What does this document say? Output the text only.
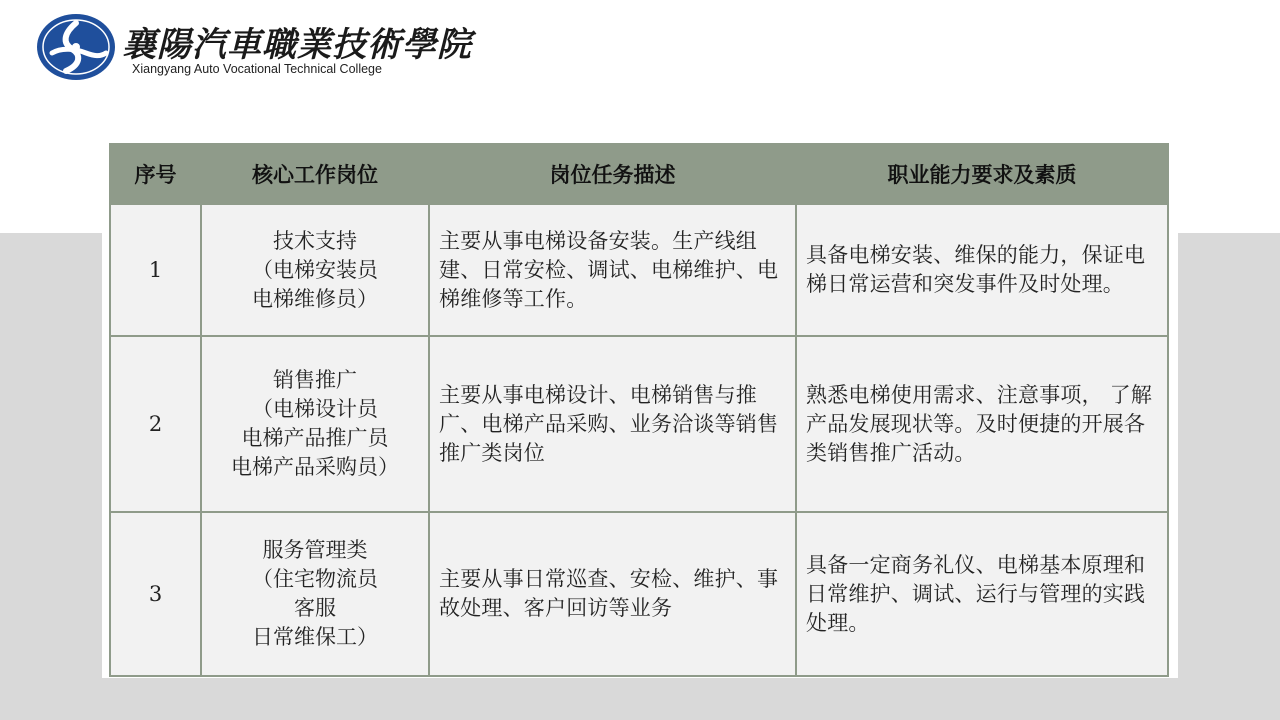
襄陽汽車職業技術學院
Xiangyang Auto Vocational Technical College
序号	核心工作岗位	岗位任务描述	职业能力要求及素质
1	技术支持
（电梯安装员
电梯维修员）	主要从事电梯设备安装。生产线组建、日常安检、调试、电梯维护、电梯维修等工作。	具备电梯安装、维保的能力，保证电梯日常运营和突发事件及时处理。
2	销售推广
（电梯设计员
电梯产品推广员
电梯产品采购员）	主要从事电梯设计、电梯销售与推广、电梯产品采购、业务洽谈等销售推广类岗位	熟悉电梯使用需求、注意事项， 了解产品发展现状等。及时便捷的开展各类销售推广活动。
3	服务管理类
（住宅物流员
客服
日常维保工）	主要从事日常巡查、安检、维护、事故处理、客户回访等业务	具备一定商务礼仪、电梯基本原理和日常维护、调试、运行与管理的实践处理。
